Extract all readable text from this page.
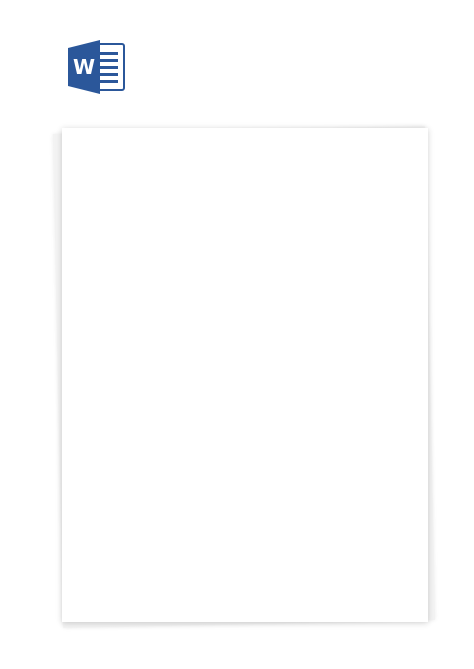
W
